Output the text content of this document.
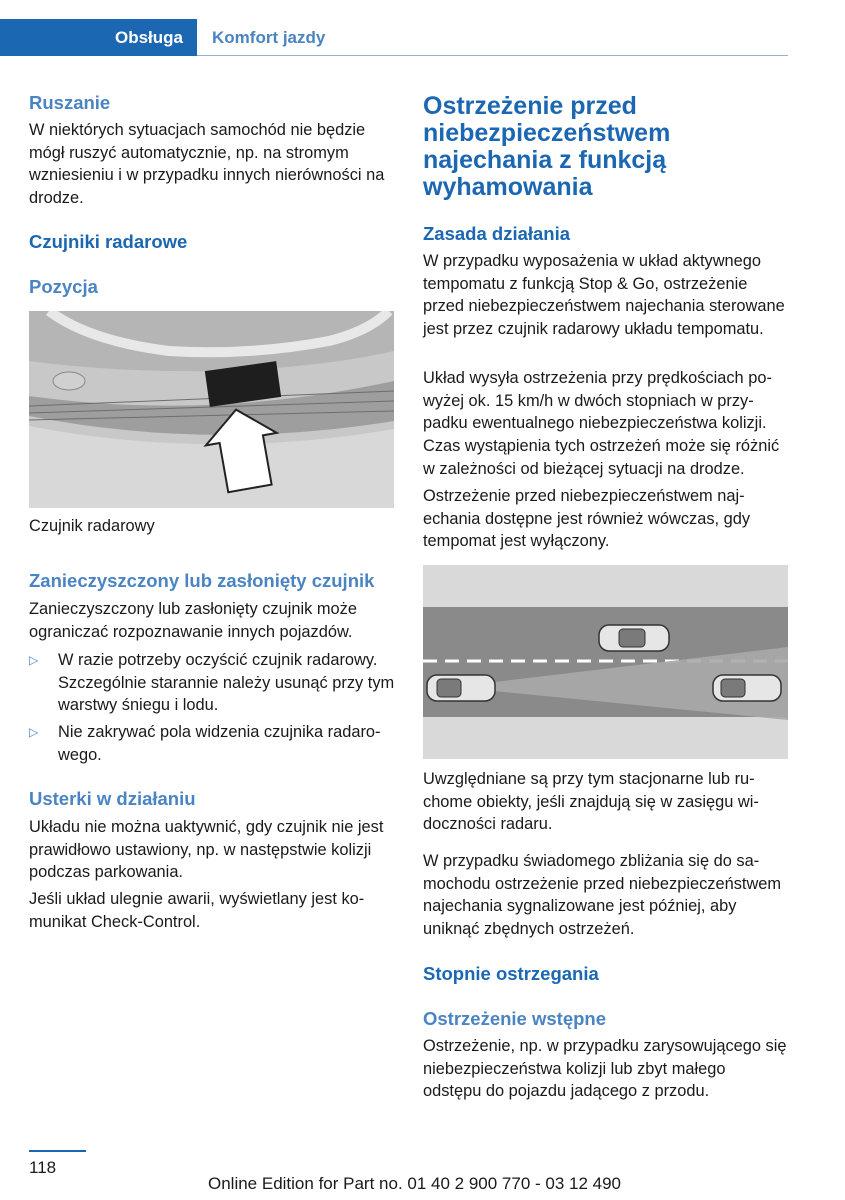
Obsługa	Komfort jazdy
Ruszanie

W niektórych sytuacjach samochód nie będzie mógł ruszyć automatycznie, np. na stromym wzniesieniu i w przypadku innych nierówności na drodze.

Czujniki radarowe
Pozycja
Czujnik radarowy
Zanieczyszczony lub zasłonięty czujnik

Zanieczyszczony lub zasłonięty czujnik może ograniczać rozpoznawanie innych pojazdów.

▷ W razie potrzeby oczyścić czujnik radarowy. Szczególnie starannie należy usunąć przy tym warstwy śniegu i lodu.
▷ Nie zakrywać pola widzenia czujnika radarowego.
Usterki w działaniu

Układu nie można uaktywnić, gdy czujnik nie jest prawidłowo ustawiony, np. w następstwie kolizji podczas parkowania.

Jeśli układ ulegnie awarii, wyświetlany jest komunikat Check-Control.

Ostrzeżenie przed niebezpieczeństwem najechania z funkcją wyhamowania
Zasada działania

W przypadku wyposażenia w układ aktywnego tempomatu z funkcją Stop & Go, ostrzeżenie przed niebezpieczeństwem najechania sterowane jest przez czujnik radarowy układu tempomatu.

Układ wysyła ostrzeżenia przy prędkościach powyżej ok. 15 km/h w dwóch stopniach w przypadku ewentualnego niebezpieczeństwa kolizji. Czas wystąpienia tych ostrzeżeń może się różnić w zależności od bieżącej sytuacji na drodze.

Ostrzeżenie przed niebezpieczeństwem najechania dostępne jest również wówczas, gdy tempomat jest wyłączony.

Uwzględniane są przy tym stacjonarne lub ruchome obiekty, jeśli znajdują się w zasięgu widoczności radaru.

W przypadku świadomego zbliżania się do samochodu ostrzeżenie przed niebezpieczeństwem najechania sygnalizowane jest później, aby uniknąć zbędnych ostrzeżeń.

Stopnie ostrzegania
Ostrzeżenie wstępne

Ostrzeżenie, np. w przypadku zarysowującego się niebezpieczeństwa kolizji lub zbyt małego odstępu do pojazdu jadącego z przodu.

118
Online Edition for Part no. 01 40 2 900 770 - 03 12 490
